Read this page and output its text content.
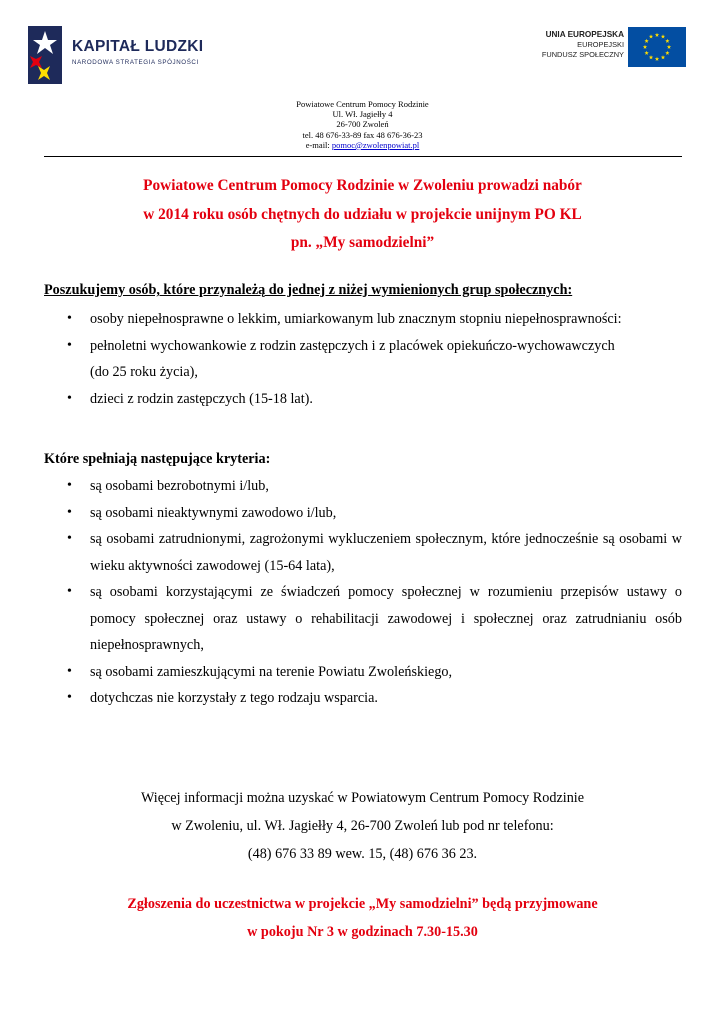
KAPITAŁ LUDZKI
NARODOWA STRATEGIA SPÓJNOŚCI
UNIA EUROPEJSKA
EUROPEJSKI
FUNDUSZ SPOŁECZNY
Powiatowe Centrum Pomocy Rodzinie
Ul. Wł. Jagiełły 4
26-700 Zwoleń
tel. 48 676-33-89 fax 48 676-36-23
e-mail: pomoc@zwolenpowiat.pl
Powiatowe Centrum Pomocy Rodzinie w Zwoleniu prowadzi nabór
w 2014 roku osób chętnych do udziału w projekcie unijnym PO KL
pn. „My samodzielni”
Poszukujemy osób, które przynależą do jednej z niżej wymienionych grup społecznych:
• osoby niepełnosprawne o lekkim, umiarkowanym lub znacznym stopniu niepełnosprawności:
• pełnoletni wychowankowie z rodzin zastępczych i z placówek opiekuńczo-wychowawczych
(do 25 roku życia),
• dzieci z rodzin zastępczych (15-18 lat).
Które spełniają następujące kryteria:
• są osobami bezrobotnymi i/lub,
• są osobami nieaktywnymi zawodowo i/lub,
• są osobami zatrudnionymi, zagrożonymi wykluczeniem społecznym, które jednocześnie są osobami w wieku aktywności zawodowej (15-64 lata),
• są osobami korzystającymi ze świadczeń pomocy społecznej w rozumieniu przepisów ustawy o pomocy społecznej oraz ustawy o rehabilitacji zawodowej i społecznej oraz zatrudnianiu osób niepełnosprawnych,
• są osobami zamieszkującymi na terenie Powiatu Zwoleńskiego,
• dotychczas nie korzystały z tego rodzaju wsparcia.
Więcej informacji można uzyskać w Powiatowym Centrum Pomocy Rodzinie
w Zwoleniu, ul. Wł. Jagiełły 4, 26-700 Zwoleń lub pod nr telefonu:
(48) 676 33 89 wew. 15, (48) 676 36 23.
Zgłoszenia do uczestnictwa w projekcie „My samodzielni” będą przyjmowane
w pokoju Nr 3 w godzinach 7.30-15.30
